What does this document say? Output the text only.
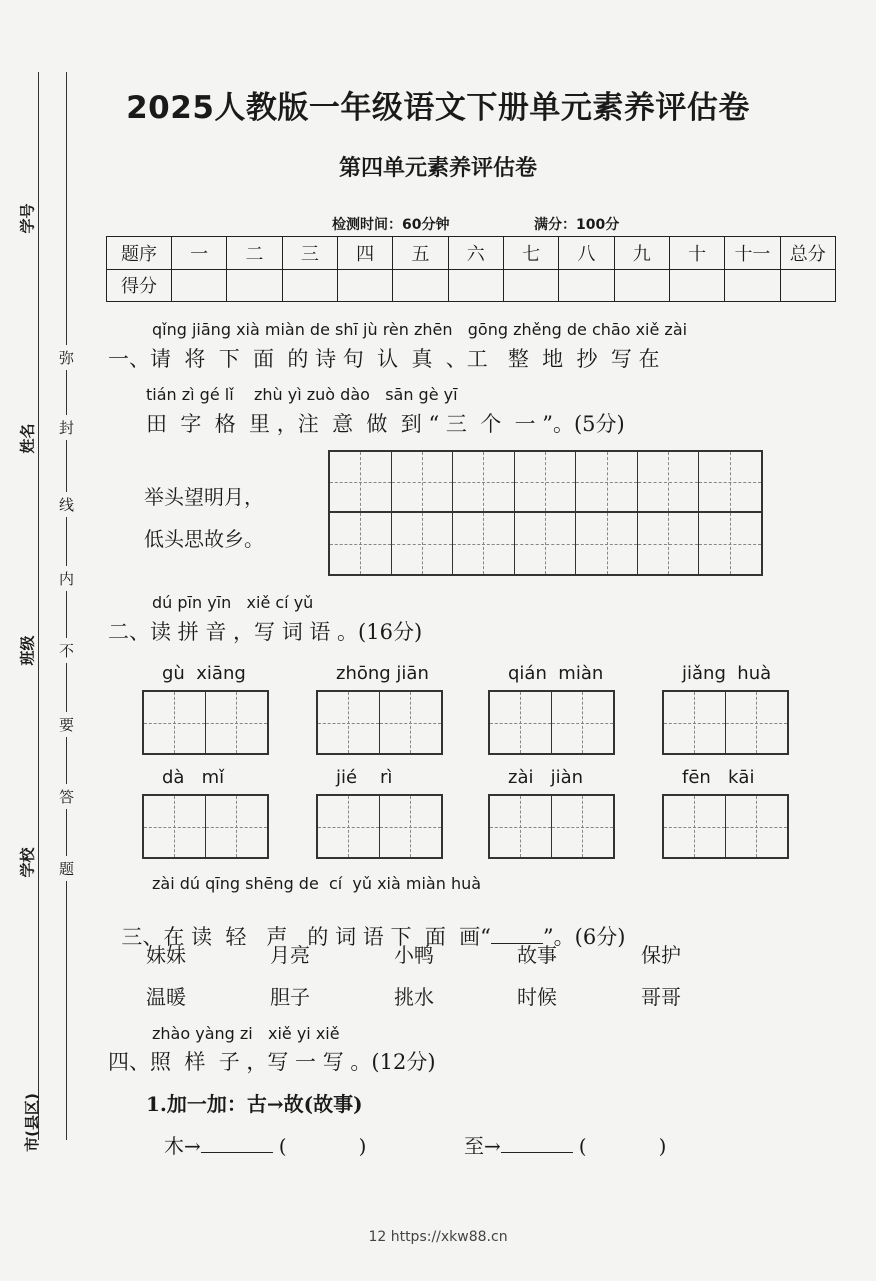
学号
姓名
班级
学校
市(县区)
弥
封
线
内
不
要
答
题
2025人教版一年级语文下册单元素养评估卷
第四单元素养评估卷
检测时间：60分钟	满分：100分
题序	一	二	三	四	五	六	七	八	九	十	十一	总分
得分												
qǐng jiāng xià miàn de shī jù rèn zhēn   gōng zhěng de chāo xiě zài
一、请  将  下  面  的 诗 句  认  真  、工   整  地  抄  写 在
tián zì gé lǐ    zhù yì zuò dào   sān gè yī
田  字  格  里 ，注  意  做  到 “ 三  个  一 ”。(5分)
举头望明月，
低头思故乡。
dú pīn yīn   xiě cí yǔ
二、读 拼 音 ，写 词 语 。(16分)
gù  xiāng	zhōng jiān	qián  miàn	jiǎng  huà
dà   mǐ	jié    rì	zài   jiàn	fēn   kāi
zài dú qīng shēng de  cí  yǔ xià miàn huà

三、在 读  轻   声   的 词 语 下  面  画“ ”。(6分)

妹妹	月亮	小鸭	故事	保护
温暖	胆子	挑水	时候	哥哥
zhào yàng zi   xiě yi xiě
四、照  样  子 ，写 一 写 。(12分)
1.加一加：古→故(故事)
木→	(	)	至→	(	)
12 https://xkw88.cn
